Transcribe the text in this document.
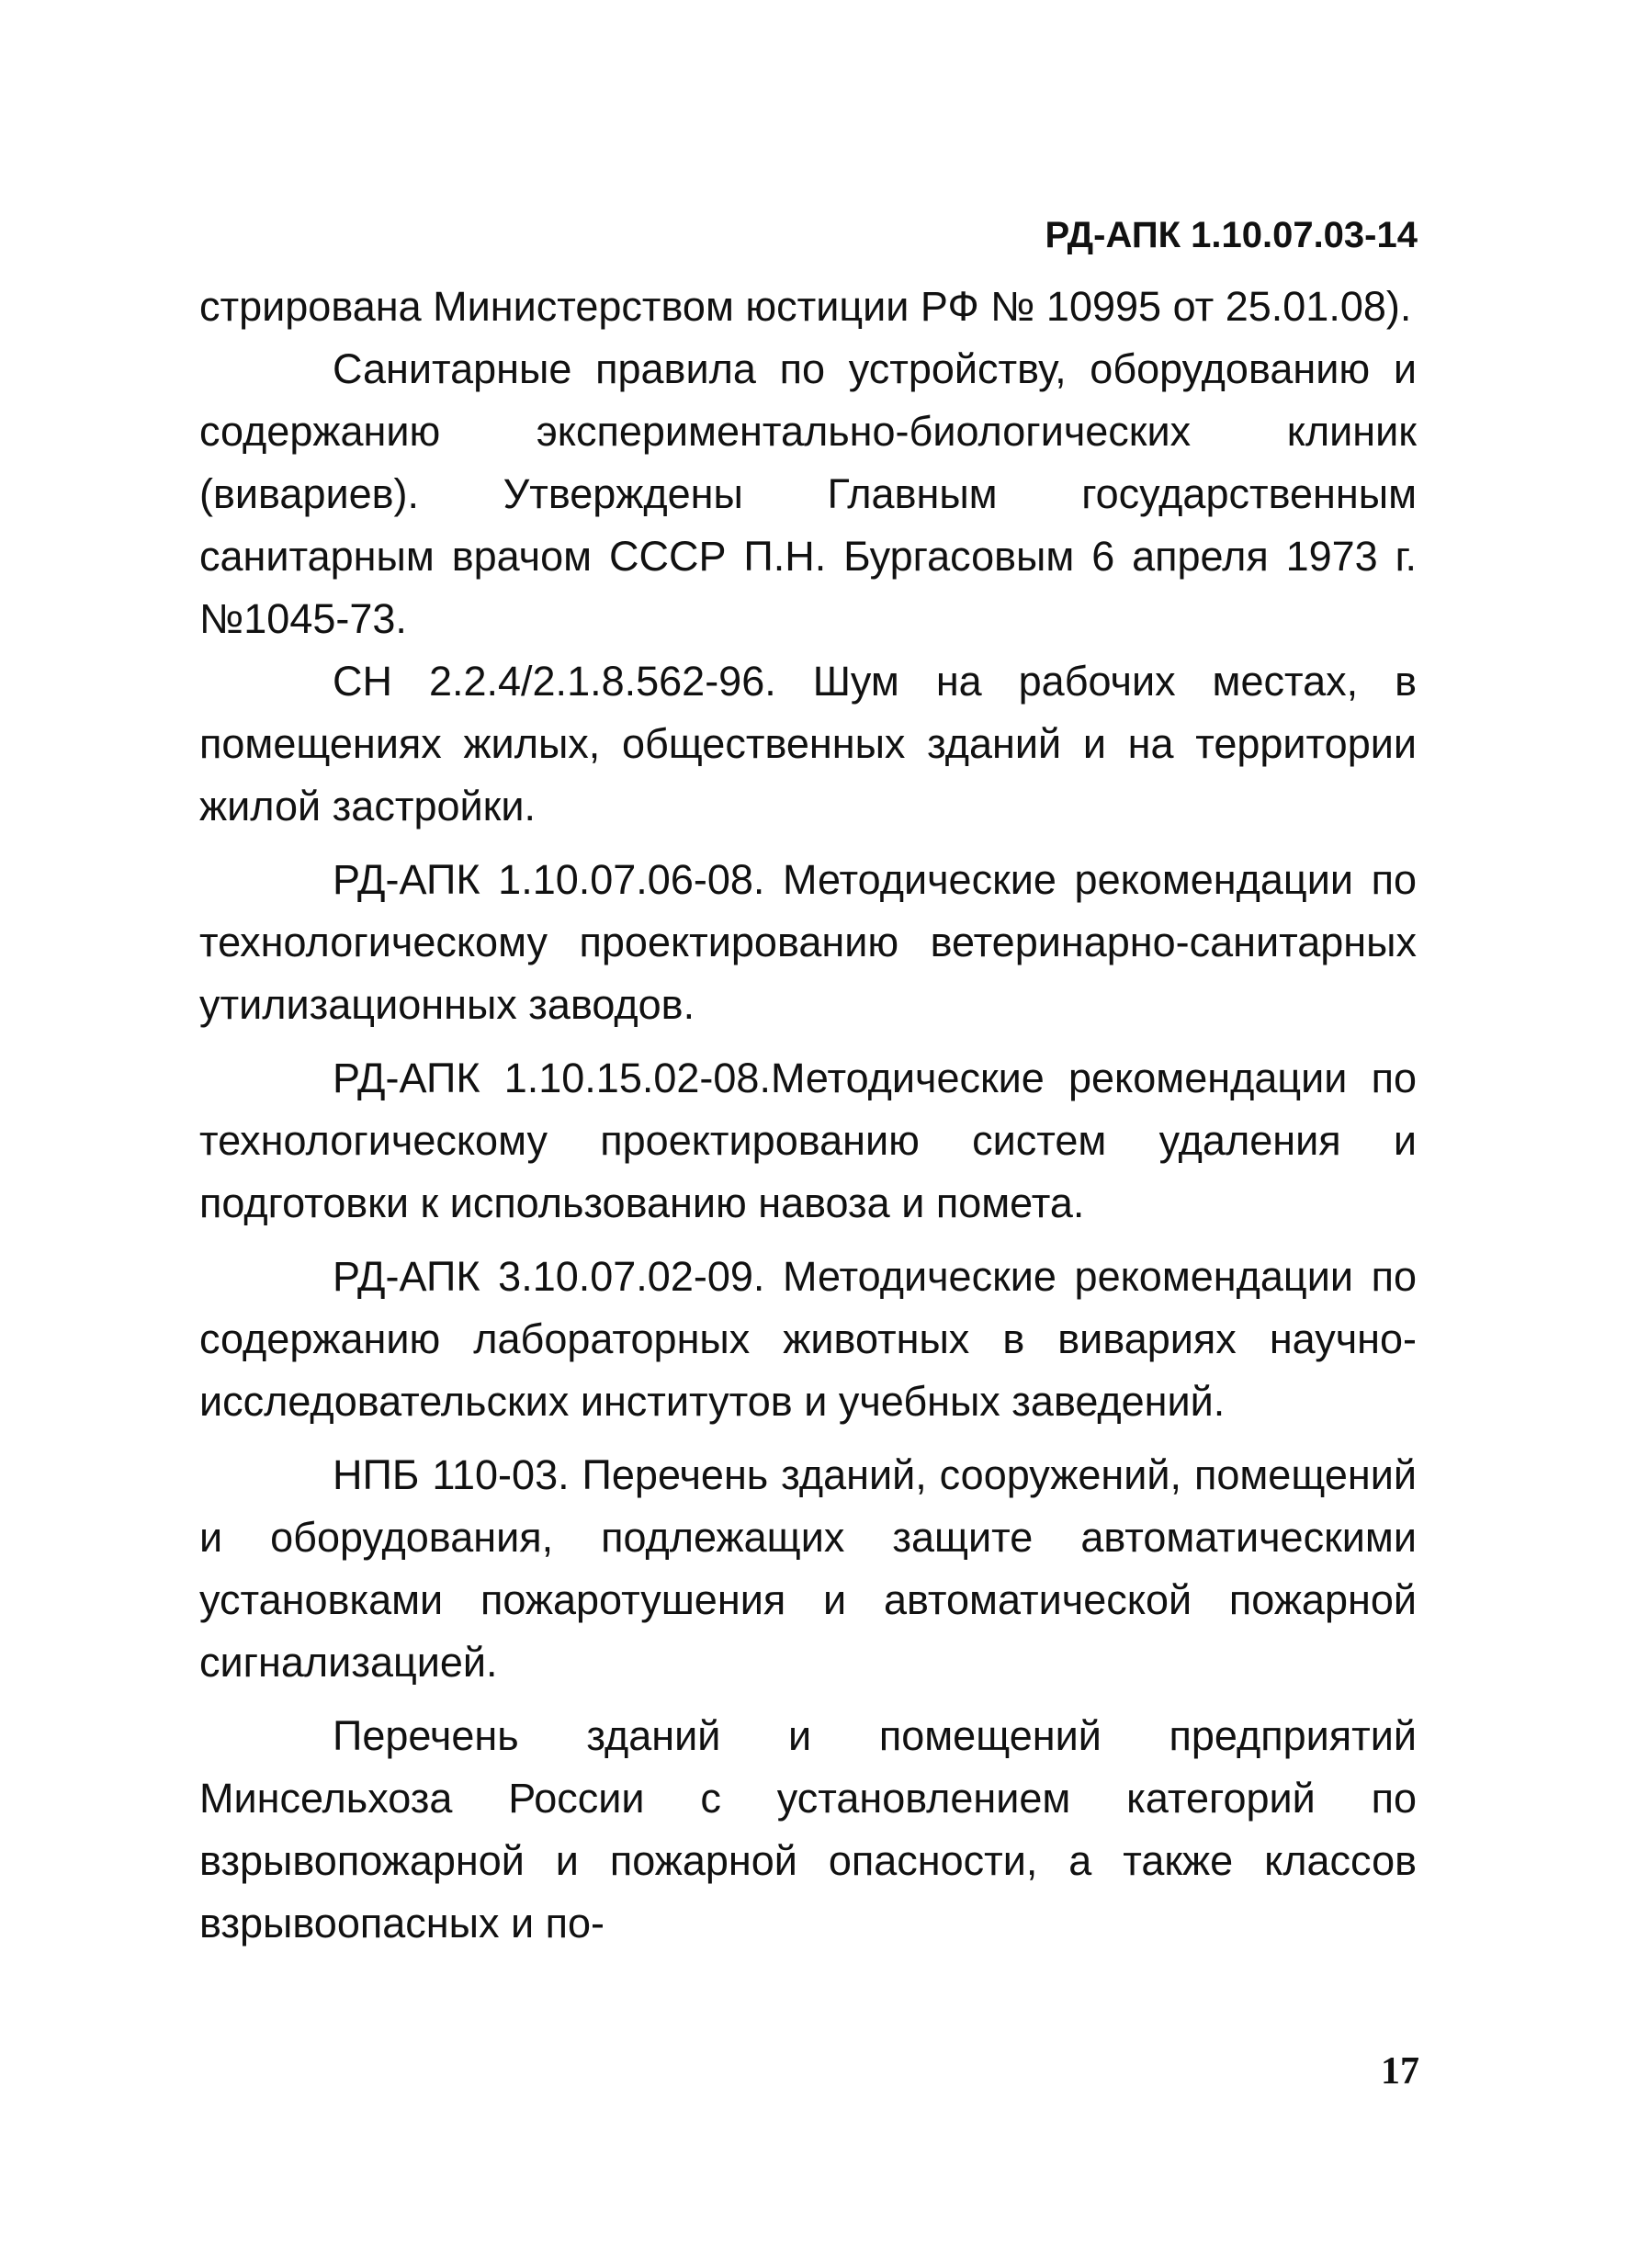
РД-АПК 1.10.07.03-14

стрирована Министерством юстиции РФ № 10995 от 25.01.08).

Санитарные правила по устройству, оборудованию и содержанию экспериментально-биологических клиник (вивариев). Утверждены Главным государственным санитарным врачом СССР П.Н. Бургасовым 6 апреля 1973 г. №1045-73.

СН 2.2.4/2.1.8.562-96. Шум на рабочих местах, в помещениях жилых, общественных зданий и на территории жилой застройки.

РД-АПК 1.10.07.06-08. Методические рекомендации по технологическому проектированию ветеринарно-санитарных утилизационных заводов.

РД-АПК 1.10.15.02-08.Методические рекомендации по технологическому проектированию систем удаления и подготовки к использованию навоза и помета.

РД-АПК 3.10.07.02-09. Методические рекомендации по содержанию лабораторных животных в вивариях научно-исследовательских институтов и учебных заведений.

НПБ 110-03. Перечень зданий, сооружений, помещений и оборудования, подлежащих защите автоматическими установками пожаротушения и автоматической пожарной сигнализацией.

Перечень зданий и помещений предприятий Минсельхоза России с установлением категорий по взрывопожарной и пожарной опасности, а также классов взрывоопасных и по-

17
